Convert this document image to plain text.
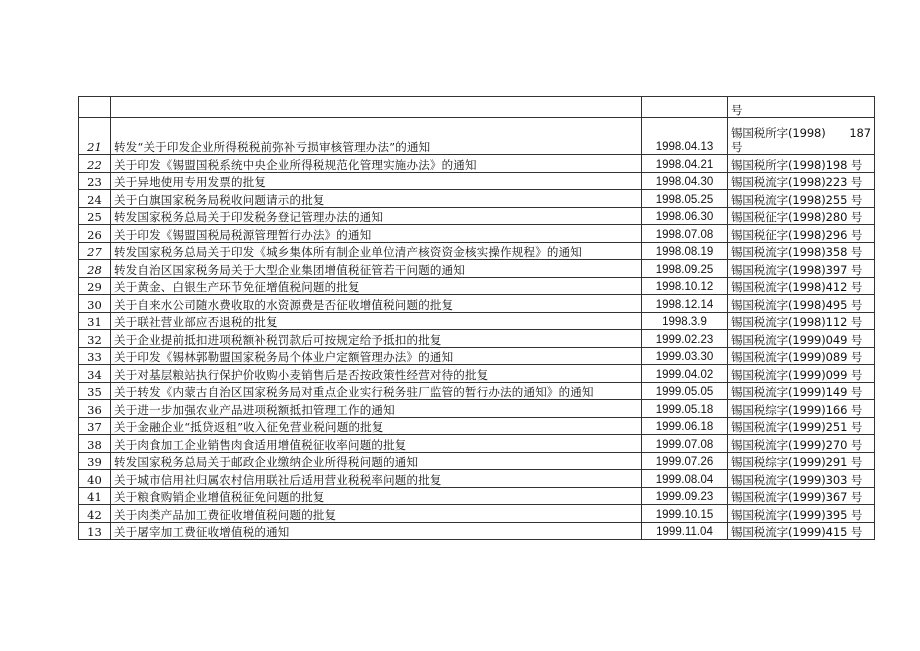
			号
21	转发“关于印发企业所得税税前弥补亏损审核管理办法”的通知	1998.04.13	锡国税所字(1998) 187
号

22	关于印发《锡盟国税系统中央企业所得税规范化管理实施办法》的通知	1998.04.21	锡国税所字(1998)198 号
23	关于异地使用专用发票的批复	1998.04.30	锡国税流字(1998)223 号
24	关于白旗国家税务局税收问题请示的批复	1998.05.25	锡国税流字(1998)255 号
25	转发国家税务总局关于印发税务登记管理办法的通知	1998.06.30	锡国税征字(1998)280 号
26	关于印发《锡盟国税局税源管理暂行办法》的通知	1998.07.08	锡国税征字(1998)296 号
27	转发国家税务总局关于印发《城乡集体所有制企业单位清产核资资金核实操作规程》的通知	1998.08.19	锡国税流字(1998)358 号
28	转发自治区国家税务局关于大型企业集团增值税征管若干问题的通知	1998.09.25	锡国税流字(1998)397 号
29	关于黄金、白银生产环节免征增值税问题的批复	1998.10.12	锡国税流字(1998)412 号
30	关于自来水公司随水费收取的水资源费是否征收增值税问题的批复	1998.12.14	锡国税流字(1998)495 号
31	关于联社营业部应否退税的批复	1998.3.9	锡国税流字(1998)112 号
32	关于企业提前抵扣进项税额补税罚款后可按规定给予抵扣的批复	1999.02.23	锡国税流字(1999)049 号
33	关于印发《锡林郭勒盟国家税务局个体业户定额管理办法》的通知	1999.03.30	锡国税流字(1999)089 号
34	关于对基层粮站执行保护价收购小麦销售后是否按政策性经营对待的批复	1999.04.02	锡国税流字(1999)099 号
35	关于转发《内蒙古自治区国家税务局对重点企业实行税务驻厂监管的暂行办法的通知》的通知	1999.05.05	锡国税流字(1999)149 号
36	关于进一步加强农业产品进项税额抵扣管理工作的通知	1999.05.18	锡国税综字(1999)166 号
37	关于金融企业“抵贷返租”收入征免营业税问题的批复	1999.06.18	锡国税流字(1999)251 号
38	关于肉食加工企业销售肉食适用增值税征收率问题的批复	1999.07.08	锡国税流字(1999)270 号
39	转发国家税务总局关于邮政企业缴纳企业所得税问题的通知	1999.07.26	锡国税综字(1999)291 号
40	关于城市信用社归属农村信用联社后适用营业税税率问题的批复	1999.08.04	锡国税流字(1999)303 号
41	关于粮食购销企业增值税征免问题的批复	1999.09.23	锡国税流字(1999)367 号
42	关于肉类产品加工费征收增值税问题的批复	1999.10.15	锡国税流字(1999)395 号
13	关于屠宰加工费征收增值税的通知	1999.11.04	锡国税流字(1999)415 号
